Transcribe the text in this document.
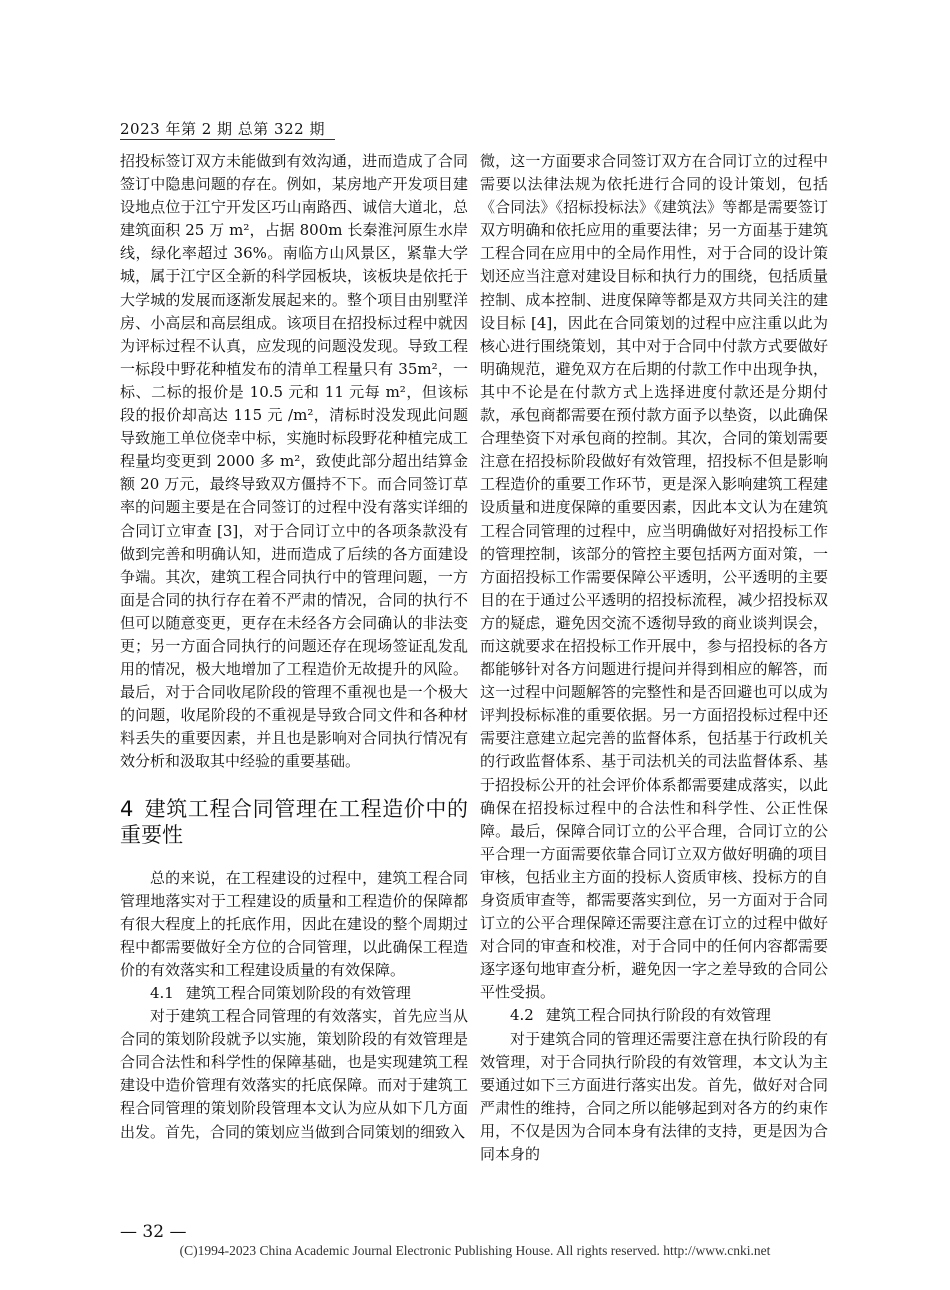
2023 年第 2 期 总第 322 期

招投标签订双方未能做到有效沟通，进而造成了合同签订中隐患问题的存在。例如，某房地产开发项目建设地点位于江宁开发区巧山南路西、诚信大道北，总建筑面积 25 万 m²，占据 800m 长秦淮河原生水岸线，绿化率超过 36%。南临方山风景区，紧靠大学城，属于江宁区全新的科学园板块，该板块是依托于大学城的发展而逐渐发展起来的。整个项目由别墅洋房、小高层和高层组成。该项目在招投标过程中就因为评标过程不认真，应发现的问题没发现。导致工程一标段中野花种植发布的清单工程量只有 35m²，一标、二标的报价是 10.5 元和 11 元每 m²，但该标段的报价却高达 115 元 /m²，清标时没发现此问题导致施工单位侥幸中标，实施时标段野花种植完成工程量均变更到 2000 多 m²，致使此部分超出结算金额 20 万元，最终导致双方僵持不下。而合同签订草率的问题主要是在合同签订的过程中没有落实详细的合同订立审查 [3]，对于合同订立中的各项条款没有做到完善和明确认知，进而造成了后续的各方面建设争端。其次，建筑工程合同执行中的管理问题，一方面是合同的执行存在着不严肃的情况，合同的执行不但可以随意变更，更存在未经各方会同确认的非法变更；另一方面合同执行的问题还存在现场签证乱发乱用的情况，极大地增加了工程造价无故提升的风险。最后，对于合同收尾阶段的管理不重视也是一个极大的问题，收尾阶段的不重视是导致合同文件和各种材料丢失的重要因素，并且也是影响对合同执行情况有效分析和汲取其中经验的重要基础。

4 建筑工程合同管理在工程造价中的重要性

总的来说，在工程建设的过程中，建筑工程合同管理地落实对于工程建设的质量和工程造价的保障都有很大程度上的托底作用，因此在建设的整个周期过程中都需要做好全方位的合同管理，以此确保工程造价的有效落实和工程建设质量的有效保障。

4.1 建筑工程合同策划阶段的有效管理

对于建筑工程合同管理的有效落实，首先应当从合同的策划阶段就予以实施，策划阶段的有效管理是合同合法性和科学性的保障基础，也是实现建筑工程建设中造价管理有效落实的托底保障。而对于建筑工程合同管理的策划阶段管理本文认为应从如下几方面出发。首先，合同的策划应当做到合同策划的细致入

微，这一方面要求合同签订双方在合同订立的过程中需要以法律法规为依托进行合同的设计策划，包括《合同法》《招标投标法》《建筑法》等都是需要签订双方明确和依托应用的重要法律；另一方面基于建筑工程合同在应用中的全局作用性，对于合同的设计策划还应当注意对建设目标和执行力的围绕，包括质量控制、成本控制、进度保障等都是双方共同关注的建设目标 [4]，因此在合同策划的过程中应注重以此为核心进行围绕策划，其中对于合同中付款方式要做好明确规范，避免双方在后期的付款工作中出现争执，其中不论是在付款方式上选择进度付款还是分期付款，承包商都需要在预付款方面予以垫资，以此确保合理垫资下对承包商的控制。其次，合同的策划需要注意在招投标阶段做好有效管理，招投标不但是影响工程造价的重要工作环节，更是深入影响建筑工程建设质量和进度保障的重要因素，因此本文认为在建筑工程合同管理的过程中，应当明确做好对招投标工作的管理控制，该部分的管控主要包括两方面对策，一方面招投标工作需要保障公平透明，公平透明的主要目的在于通过公平透明的招投标流程，减少招投标双方的疑虑，避免因交流不透彻导致的商业谈判误会，而这就要求在招投标工作开展中，参与招投标的各方都能够针对各方问题进行提问并得到相应的解答，而这一过程中问题解答的完整性和是否回避也可以成为评判投标标准的重要依据。另一方面招投标过程中还需要注意建立起完善的监督体系，包括基于行政机关的行政监督体系、基于司法机关的司法监督体系、基于招投标公开的社会评价体系都需要建成落实，以此确保在招投标过程中的合法性和科学性、公正性保障。最后，保障合同订立的公平合理，合同订立的公平合理一方面需要依靠合同订立双方做好明确的项目审核，包括业主方面的投标人资质审核、投标方的自身资质审查等，都需要落实到位，另一方面对于合同订立的公平合理保障还需要注意在订立的过程中做好对合同的审查和校准，对于合同中的任何内容都需要逐字逐句地审查分析，避免因一字之差导致的合同公平性受损。

4.2 建筑工程合同执行阶段的有效管理

对于建筑合同的管理还需要注意在执行阶段的有效管理，对于合同执行阶段的有效管理，本文认为主要通过如下三方面进行落实出发。首先，做好对合同严肃性的维持，合同之所以能够起到对各方的约束作用，不仅是因为合同本身有法律的支持，更是因为合同本身的

— 32 —
(C)1994-2023 China Academic Journal Electronic Publishing House. All rights reserved. http://www.cnki.net
